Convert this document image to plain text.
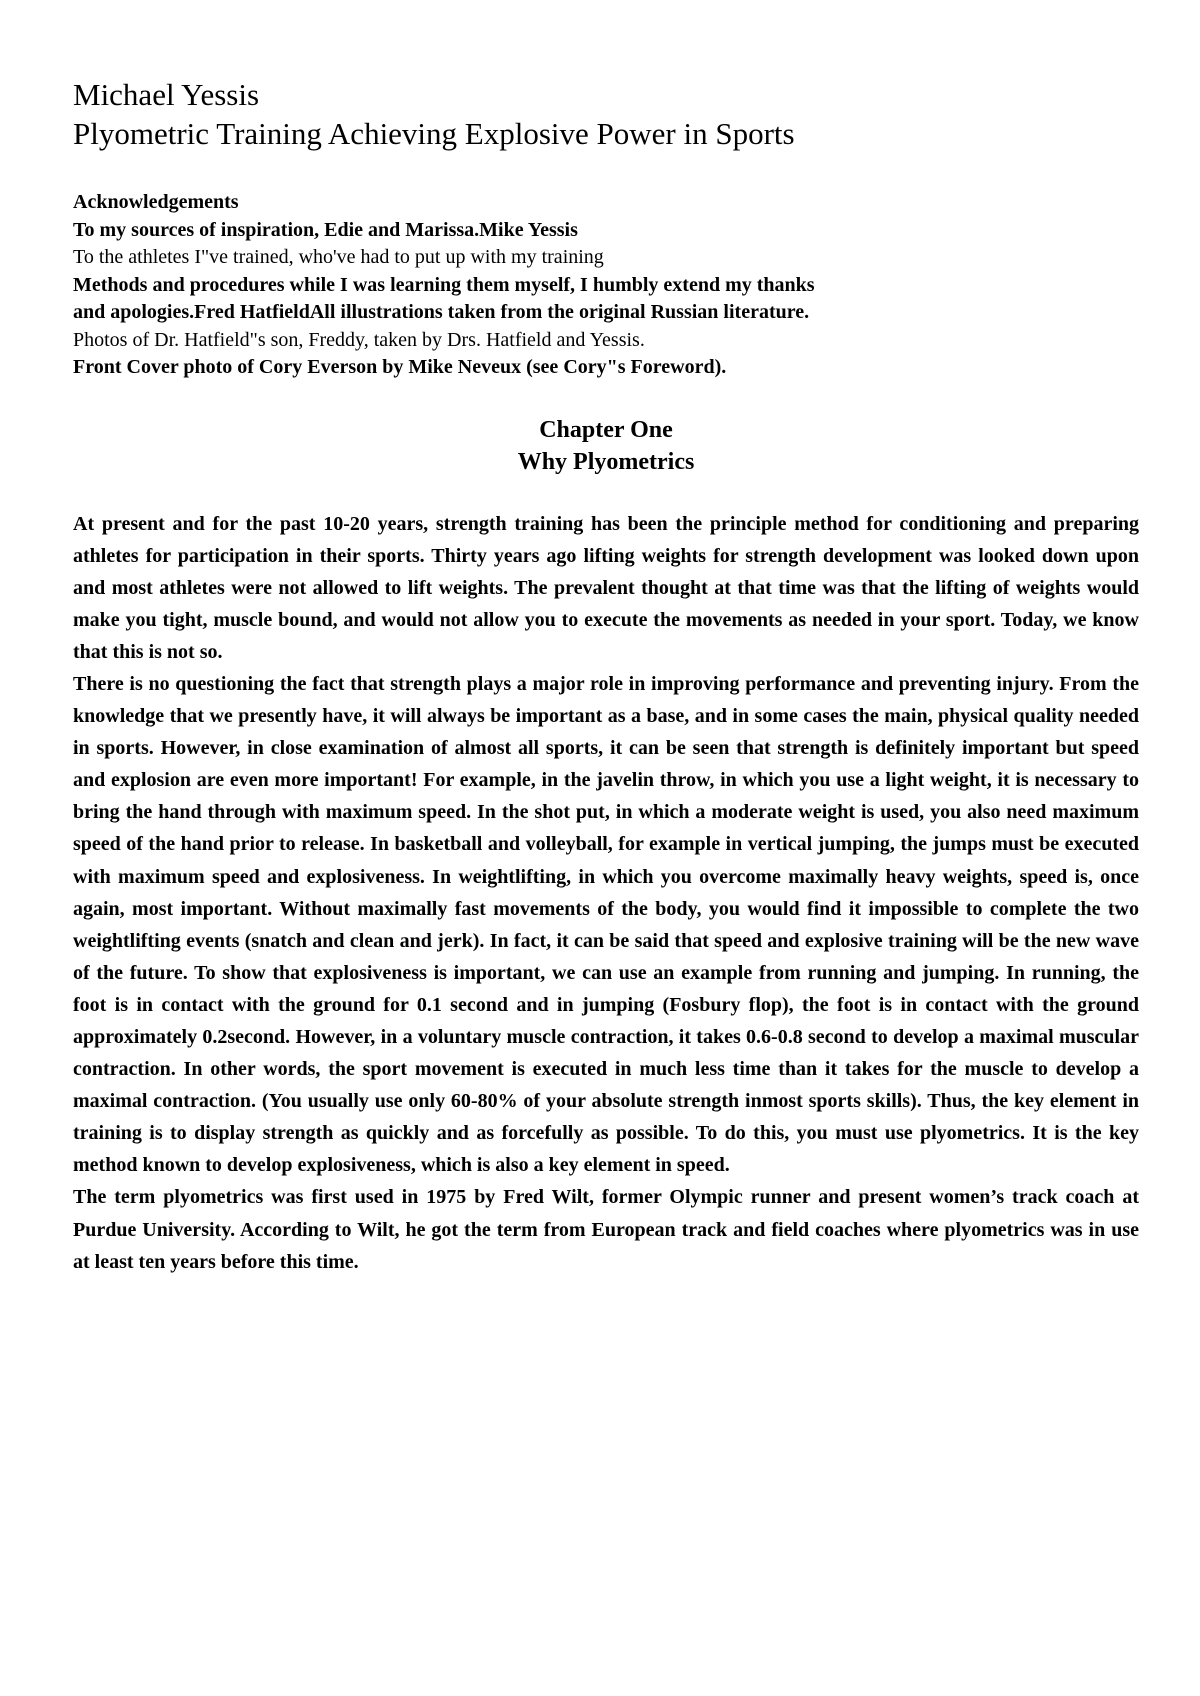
Michael Yessis
Plyometric Training Achieving Explosive Power in Sports
Acknowledgements
To my sources of inspiration, Edie and Marissa.Mike Yessis
To the athletes I"ve trained, who've had to put up with my training
Methods and procedures while I was learning them myself, I humbly extend my thanks
and apologies.Fred HatfieldAll illustrations taken from the original Russian literature.
Photos of Dr. Hatfield"s son, Freddy, taken by Drs. Hatfield and Yessis.
Front Cover photo of Cory Everson by Mike Neveux (see Cory"s Foreword).
Chapter One
Why Plyometrics

At present and for the past 10-20 years, strength training has been the principle method for conditioning and preparing athletes for participation in their sports. Thirty years ago lifting weights for strength development was looked down upon and most athletes were not allowed to lift weights. The prevalent thought at that time was that the lifting of weights would make you tight, muscle bound, and would not allow you to execute the movements as needed in your sport. Today, we know that this is not so.

There is no questioning the fact that strength plays a major role in improving performance and preventing injury. From the knowledge that we presently have, it will always be important as a base, and in some cases the main, physical quality needed in sports. However, in close examination of almost all sports, it can be seen that strength is definitely important but speed and explosion are even more important! For example, in the javelin throw, in which you use a light weight, it is necessary to bring the hand through with maximum speed. In the shot put, in which a moderate weight is used, you also need maximum speed of the hand prior to release. In basketball and volleyball, for example in vertical jumping, the jumps must be executed with maximum speed and explosiveness. In weightlifting, in which you overcome maximally heavy weights, speed is, once again, most important. Without maximally fast movements of the body, you would find it impossible to complete the two weightlifting events (snatch and clean and jerk). In fact, it can be said that speed and explosive training will be the new wave of the future. To show that explosiveness is important, we can use an example from running and jumping. In running, the foot is in contact with the ground for 0.1 second and in jumping (Fosbury flop), the foot is in contact with the ground approximately 0.2second. However, in a voluntary muscle contraction, it takes 0.6-0.8 second to develop a maximal muscular contraction. In other words, the sport movement is executed in much less time than it takes for the muscle to develop a maximal contraction. (You usually use only 60-80% of your absolute strength inmost sports skills). Thus, the key element in training is to display strength as quickly and as forcefully as possible. To do this, you must use plyometrics. It is the key method known to develop explosiveness, which is also a key element in speed.

The term plyometrics was first used in 1975 by Fred Wilt, former Olympic runner and present women’s track coach at Purdue University. According to Wilt, he got the term from European track and field coaches where plyometrics was in use at least ten years before this time.
